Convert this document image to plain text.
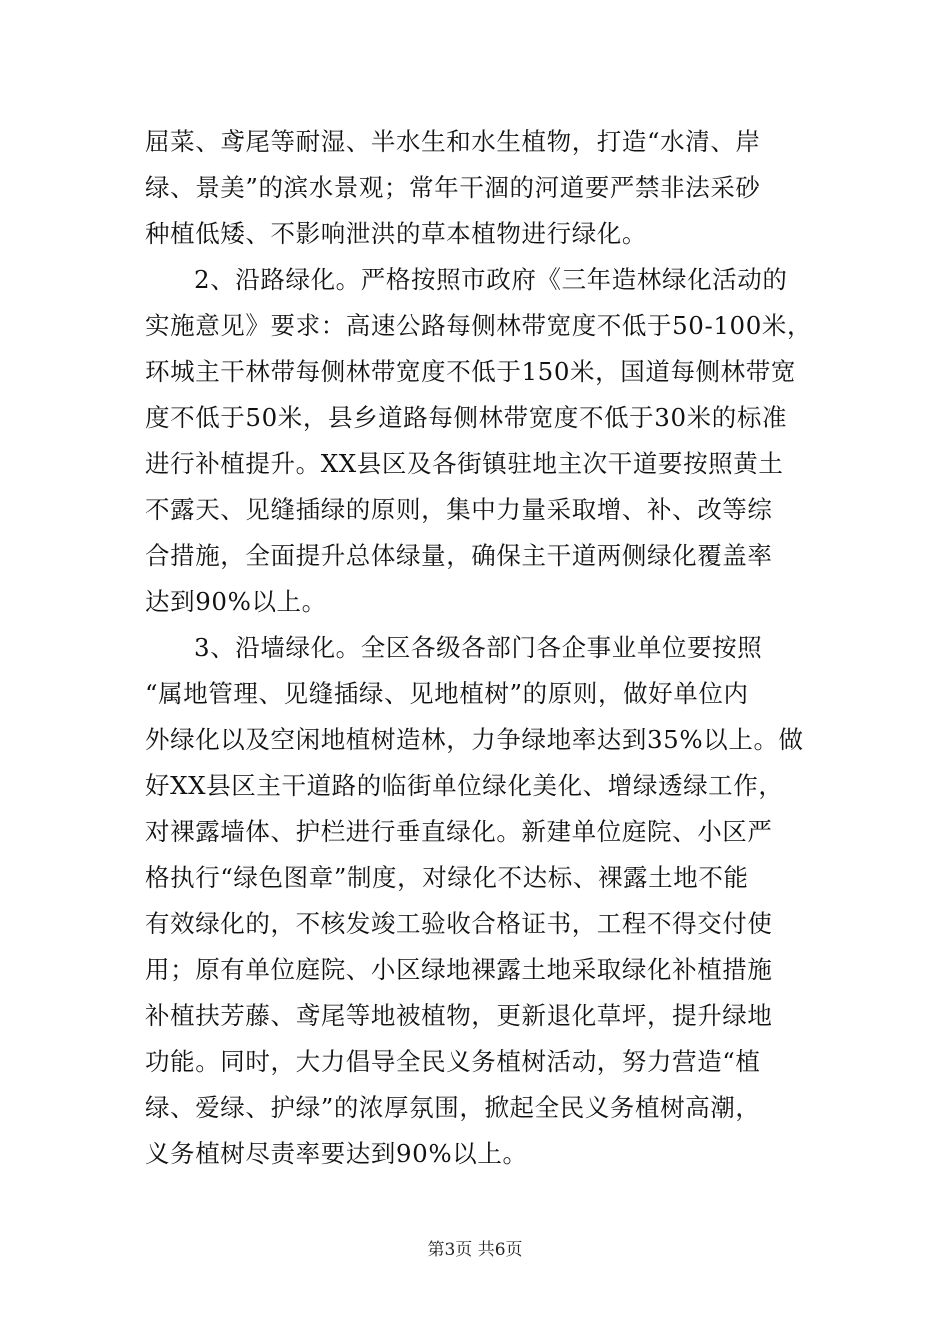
屈菜、鸢尾等耐湿、半水生和水生植物，打造“水清、岸
绿、景美”的滨水景观；常年干涸的河道要严禁非法采砂
种植低矮、不影响泄洪的草本植物进行绿化。
2、沿路绿化。严格按照市政府《三年造林绿化活动的
实施意见》要求：高速公路每侧林带宽度不低于50-100米，
环城主干林带每侧林带宽度不低于150米，国道每侧林带宽
度不低于50米，县乡道路每侧林带宽度不低于30米的标准
进行补植提升。XX县区及各街镇驻地主次干道要按照黄土
不露天、见缝插绿的原则，集中力量采取增、补、改等综
合措施，全面提升总体绿量，确保主干道两侧绿化覆盖率
达到90%以上。
3、沿墙绿化。全区各级各部门各企事业单位要按照
“属地管理、见缝插绿、见地植树”的原则，做好单位内
外绿化以及空闲地植树造林，力争绿地率达到35%以上。做
好XX县区主干道路的临街单位绿化美化、增绿透绿工作，
对裸露墙体、护栏进行垂直绿化。新建单位庭院、小区严
格执行“绿色图章”制度，对绿化不达标、裸露土地不能
有效绿化的，不核发竣工验收合格证书，工程不得交付使
用；原有单位庭院、小区绿地裸露土地采取绿化补植措施
补植扶芳藤、鸢尾等地被植物，更新退化草坪，提升绿地
功能。同时，大力倡导全民义务植树活动，努力营造“植
绿、爱绿、护绿”的浓厚氛围，掀起全民义务植树高潮，
义务植树尽责率要达到90%以上。
第3页 共6页
